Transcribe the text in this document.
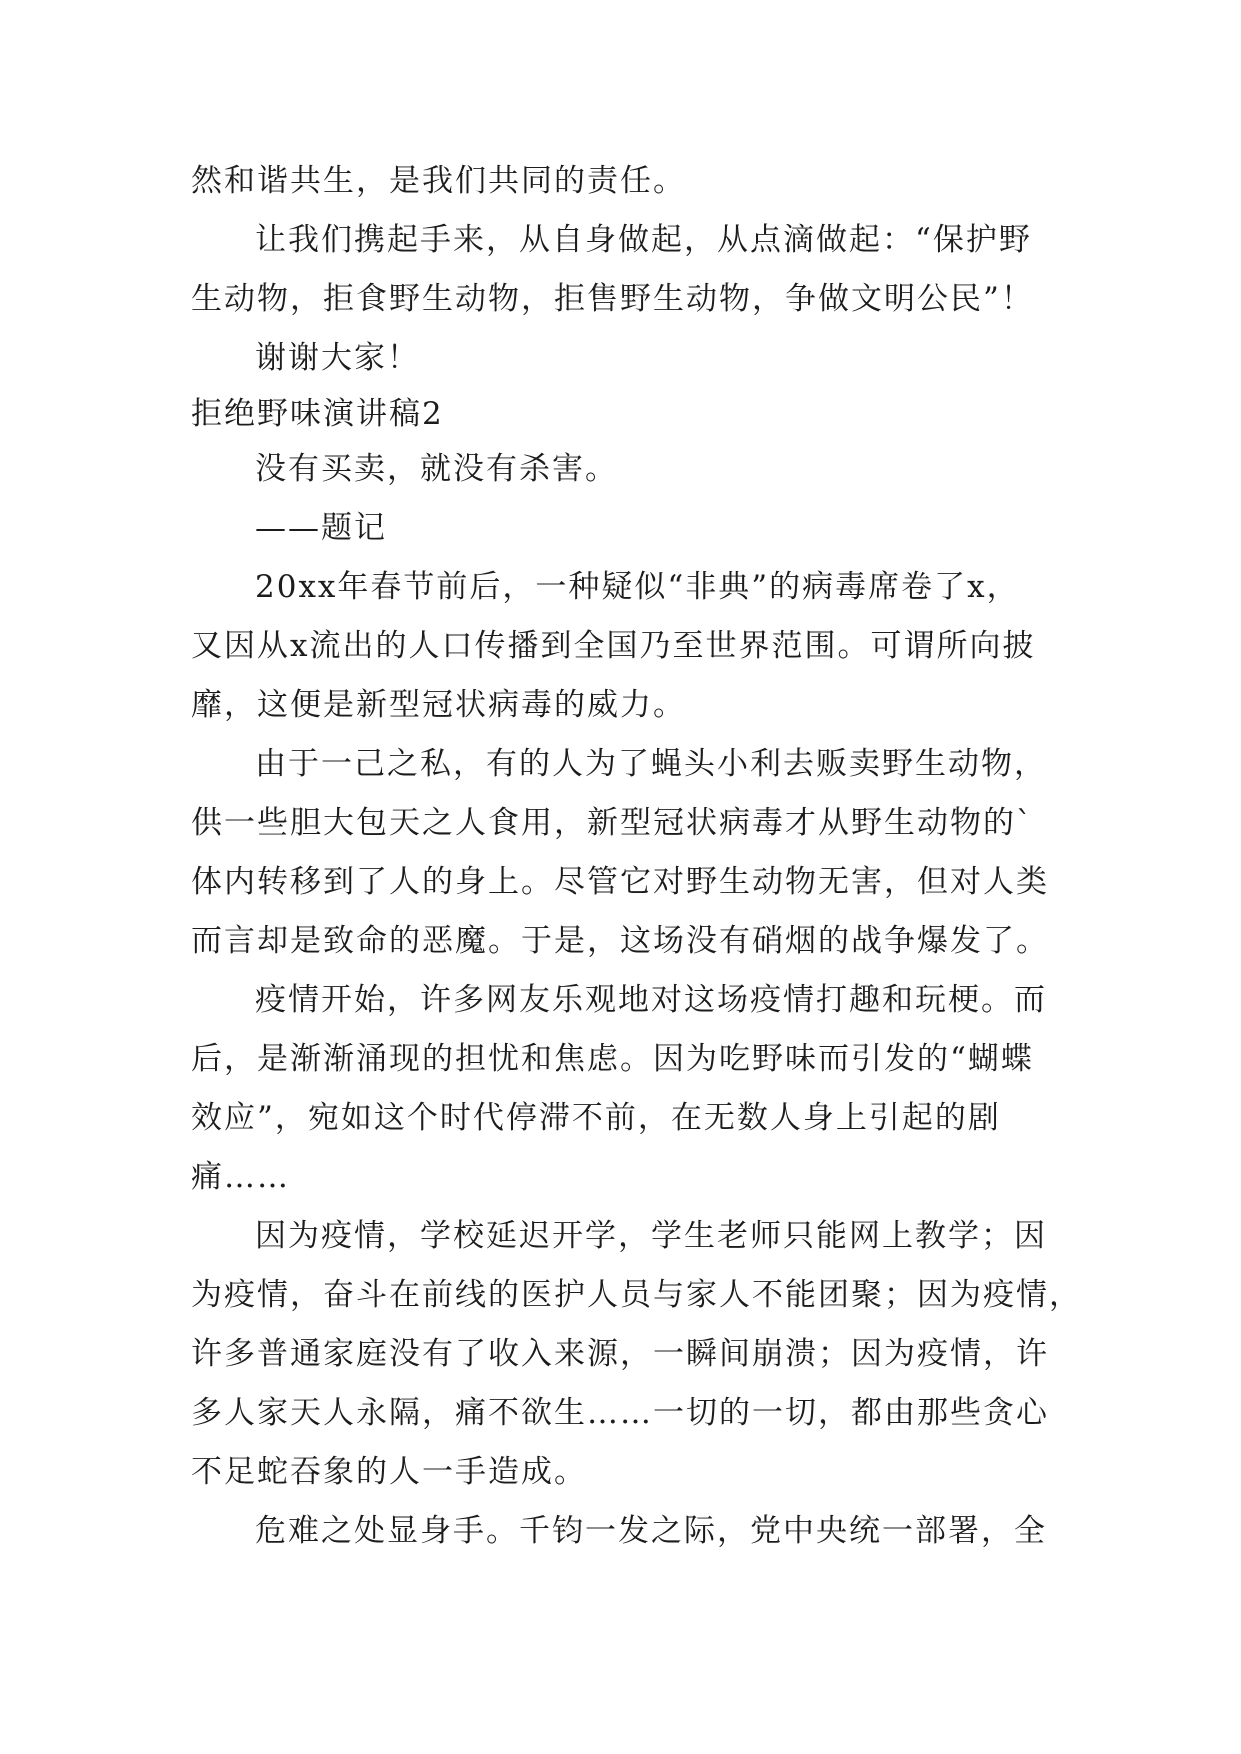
然和谐共生，是我们共同的责任。
让我们携起手来，从自身做起，从点滴做起：“保护野
生动物，拒食野生动物，拒售野生动物，争做文明公民”！
谢谢大家！
拒绝野味演讲稿2
没有买卖，就没有杀害。
——题记
20xx年春节前后，一种疑似“非典”的病毒席卷了x，
又因从x流出的人口传播到全国乃至世界范围。可谓所向披
靡，这便是新型冠状病毒的威力。
由于一己之私，有的人为了蝇头小利去贩卖野生动物，
供一些胆大包天之人食用，新型冠状病毒才从野生动物的`
体内转移到了人的身上。尽管它对野生动物无害，但对人类
而言却是致命的恶魔。于是，这场没有硝烟的战争爆发了。
疫情开始，许多网友乐观地对这场疫情打趣和玩梗。而
后，是渐渐涌现的担忧和焦虑。因为吃野味而引发的“蝴蝶
效应”，宛如这个时代停滞不前，在无数人身上引起的剧
痛……
因为疫情，学校延迟开学，学生老师只能网上教学；因
为疫情，奋斗在前线的医护人员与家人不能团聚；因为疫情，
许多普通家庭没有了收入来源，一瞬间崩溃；因为疫情，许
多人家天人永隔，痛不欲生……一切的一切，都由那些贪心
不足蛇吞象的人一手造成。
危难之处显身手。千钧一发之际，党中央统一部署，全
